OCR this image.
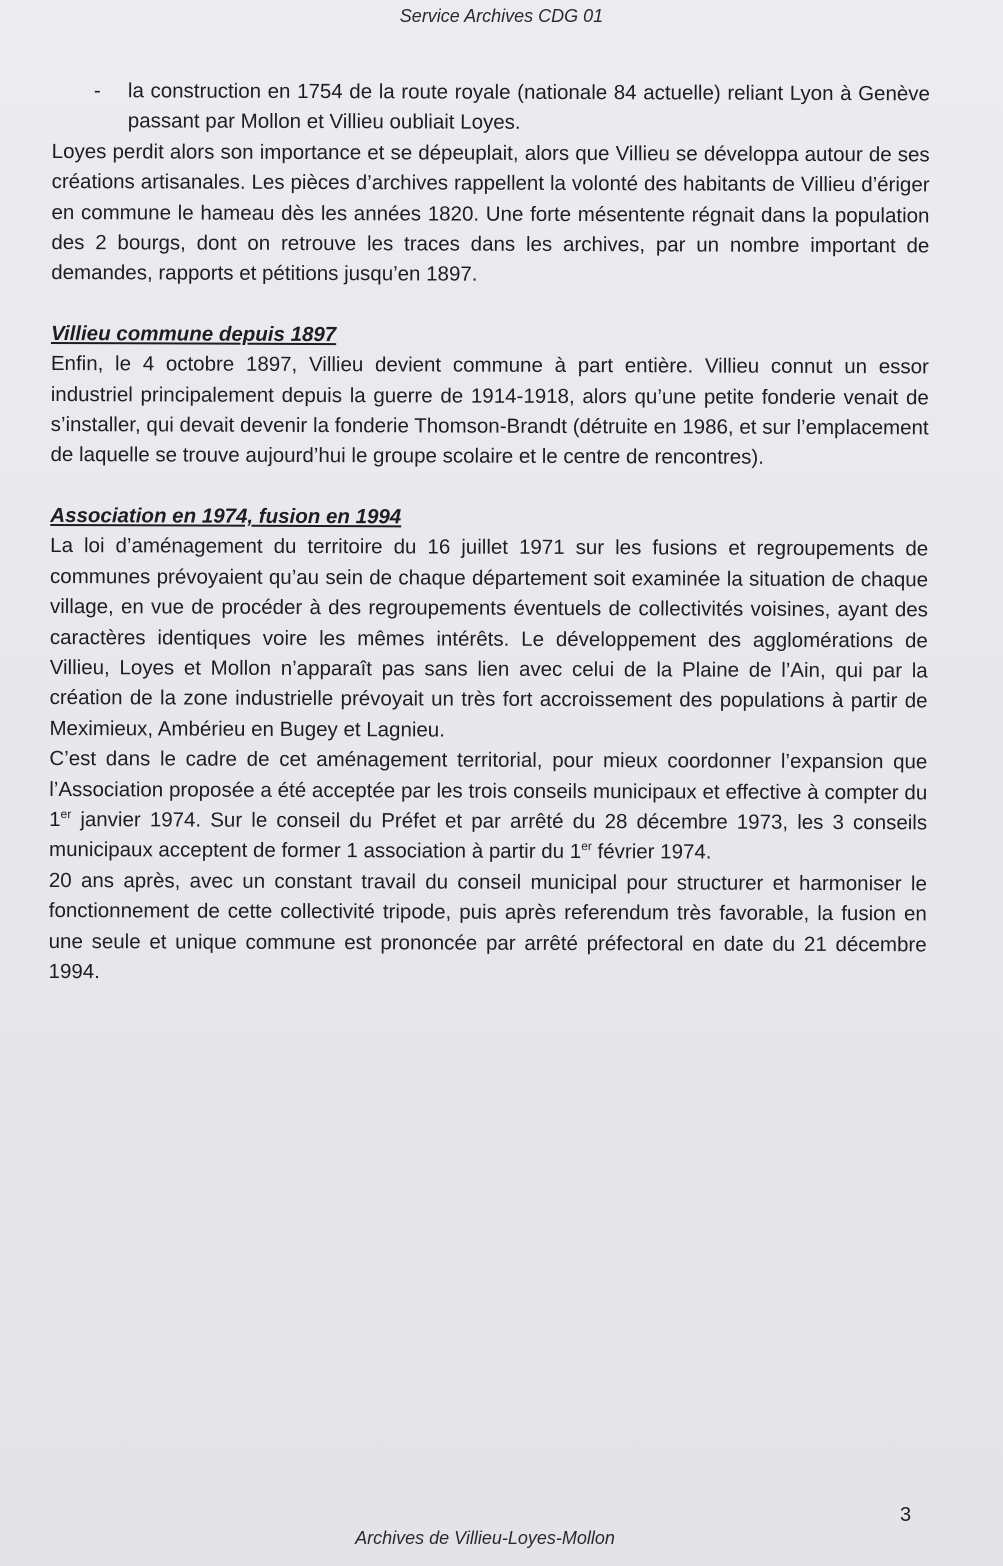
Service Archives CDG 01
- la construction en 1754 de la route royale (nationale 84 actuelle) reliant Lyon à Genève passant par Mollon et Villieu oubliait Loyes.

Loyes perdit alors son importance et se dépeuplait, alors que Villieu se développa autour de ses créations artisanales. Les pièces d’archives rappellent la volonté des habitants de Villieu d’ériger en commune le hameau dès les années 1820. Une forte mésentente régnait dans la population des 2 bourgs, dont on retrouve les traces dans les archives, par un nombre important de demandes, rapports et pétitions jusqu’en 1897.

Villieu commune depuis 1897

Enfin, le 4 octobre 1897, Villieu devient commune à part entière. Villieu connut un essor industriel principalement depuis la guerre de 1914-1918, alors qu’une petite fonderie venait de s’installer, qui devait devenir la fonderie Thomson-Brandt (détruite en 1986, et sur l’emplacement de laquelle se trouve aujourd’hui le groupe scolaire et le centre de rencontres).

Association en 1974, fusion en 1994

La loi d’aménagement du territoire du 16 juillet 1971 sur les fusions et regroupements de communes prévoyaient qu’au sein de chaque département soit examinée la situation de chaque village, en vue de procéder à des regroupements éventuels de collectivités voisines, ayant des caractères identiques voire les mêmes intérêts. Le développement des agglomérations de Villieu, Loyes et Mollon n’apparaît pas sans lien avec celui de la Plaine de l’Ain, qui par la création de la zone industrielle prévoyait un très fort accroissement des populations à partir de Meximieux, Ambérieu en Bugey et Lagnieu.

C’est dans le cadre de cet aménagement territorial, pour mieux coordonner l’expansion que l’Association proposée a été acceptée par les trois conseils municipaux et effective à compter du 1er janvier 1974. Sur le conseil du Préfet et par arrêté du 28 décembre 1973, les 3 conseils municipaux acceptent de former 1 association à partir du 1er février 1974.

20 ans après, avec un constant travail du conseil municipal pour structurer et harmoniser le fonctionnement de cette collectivité tripode, puis après referendum très favorable, la fusion en une seule et unique commune est prononcée par arrêté préfectoral en date du 21 décembre 1994.

3
Archives de Villieu-Loyes-Mollon
